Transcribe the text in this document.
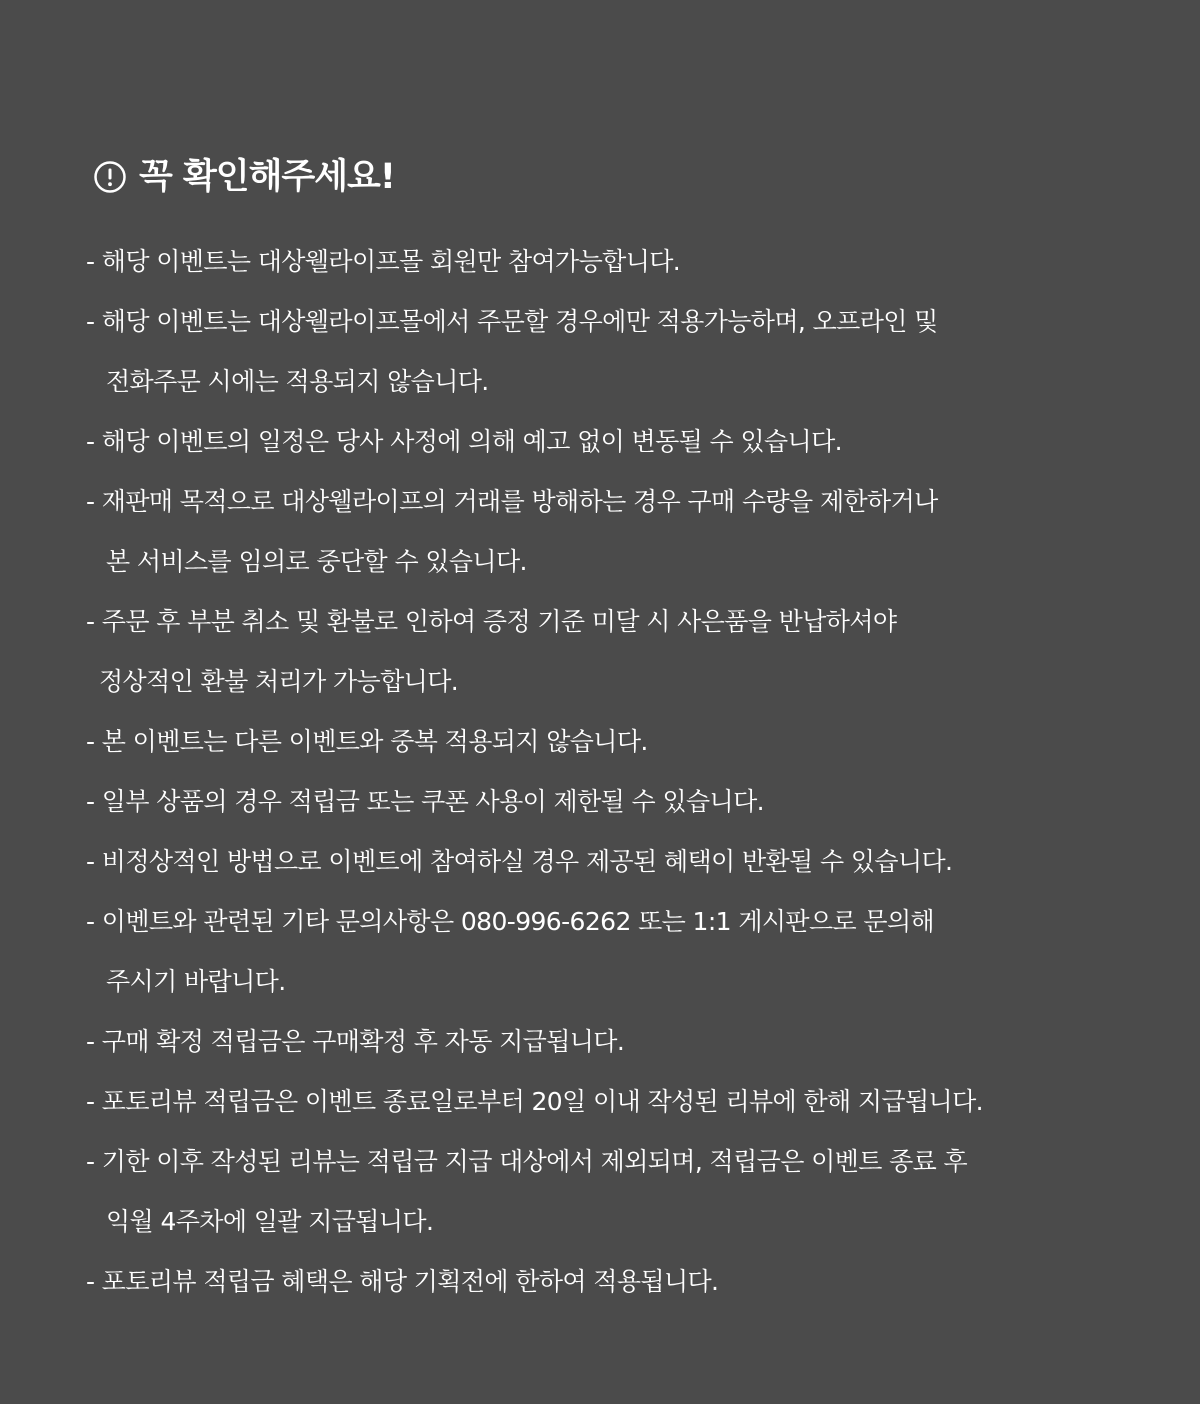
꼭 확인해주세요!
- 해당 이벤트는 대상웰라이프몰 회원만 참여가능합니다.
- 해당 이벤트는 대상웰라이프몰에서 주문할 경우에만 적용가능하며, 오프라인 및
전화주문 시에는 적용되지 않습니다.
- 해당 이벤트의 일정은 당사 사정에 의해 예고 없이 변동될 수 있습니다.
- 재판매 목적으로 대상웰라이프의 거래를 방해하는 경우 구매 수량을 제한하거나
본 서비스를 임의로 중단할 수 있습니다.
- 주문 후 부분 취소 및 환불로 인하여 증정 기준 미달 시 사은품을 반납하셔야
정상적인 환불 처리가 가능합니다.
- 본 이벤트는 다른 이벤트와 중복 적용되지 않습니다.
- 일부 상품의 경우 적립금 또는 쿠폰 사용이 제한될 수 있습니다.
- 비정상적인 방법으로 이벤트에 참여하실 경우 제공된 혜택이 반환될 수 있습니다.
- 이벤트와 관련된 기타 문의사항은 080-996-6262 또는 1:1 게시판으로 문의해
주시기 바랍니다.
- 구매 확정 적립금은 구매확정 후 자동 지급됩니다.
- 포토리뷰 적립금은 이벤트 종료일로부터 20일 이내 작성된 리뷰에 한해 지급됩니다.
- 기한 이후 작성된 리뷰는 적립금 지급 대상에서 제외되며, 적립금은 이벤트 종료 후
익월 4주차에 일괄 지급됩니다.
- 포토리뷰 적립금 혜택은 해당 기획전에 한하여 적용됩니다.
